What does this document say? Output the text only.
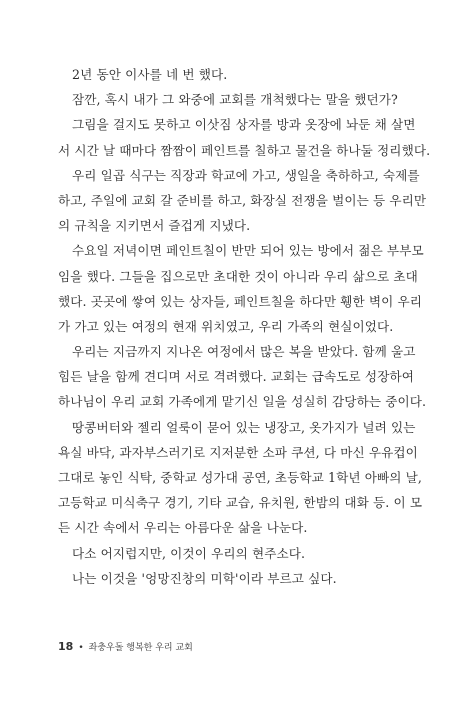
2년 동안 이사를 네 번 했다.
잠깐, 혹시 내가 그 와중에 교회를 개척했다는 말을 했던가?
그림을 걸지도 못하고 이삿짐 상자를 방과 옷장에 놔둔 채 살면
서 시간 날 때마다 짬짬이 페인트를 칠하고 물건을 하나둘 정리했다.
우리 일곱 식구는 직장과 학교에 가고, 생일을 축하하고, 숙제를
하고, 주일에 교회 갈 준비를 하고, 화장실 전쟁을 벌이는 등 우리만
의 규칙을 지키면서 즐겁게 지냈다.
수요일 저녁이면 페인트칠이 반만 되어 있는 방에서 젊은 부부모
임을 했다. 그들을 집으로만 초대한 것이 아니라 우리 삶으로 초대
했다. 곳곳에 쌓여 있는 상자들, 페인트칠을 하다만 휑한 벽이 우리
가 가고 있는 여정의 현재 위치였고, 우리 가족의 현실이었다.
우리는 지금까지 지나온 여정에서 많은 복을 받았다. 함께 울고
힘든 날을 함께 견디며 서로 격려했다. 교회는 급속도로 성장하여
하나님이 우리 교회 가족에게 맡기신 일을 성실히 감당하는 중이다.
땅콩버터와 젤리 얼룩이 묻어 있는 냉장고, 옷가지가 널려 있는
욕실 바닥, 과자부스러기로 지저분한 소파 쿠션, 다 마신 우유컵이
그대로 놓인 식탁, 중학교 성가대 공연, 초등학교 1학년 아빠의 날,
고등학교 미식축구 경기, 기타 교습, 유치원, 한밤의 대화 등. 이 모
든 시간 속에서 우리는 아름다운 삶을 나눈다.
다소 어지럽지만, 이것이 우리의 현주소다.
나는 이것을 '엉망진창의 미학'이라 부르고 싶다.
18 • 좌충우돌 행복한 우리 교회
